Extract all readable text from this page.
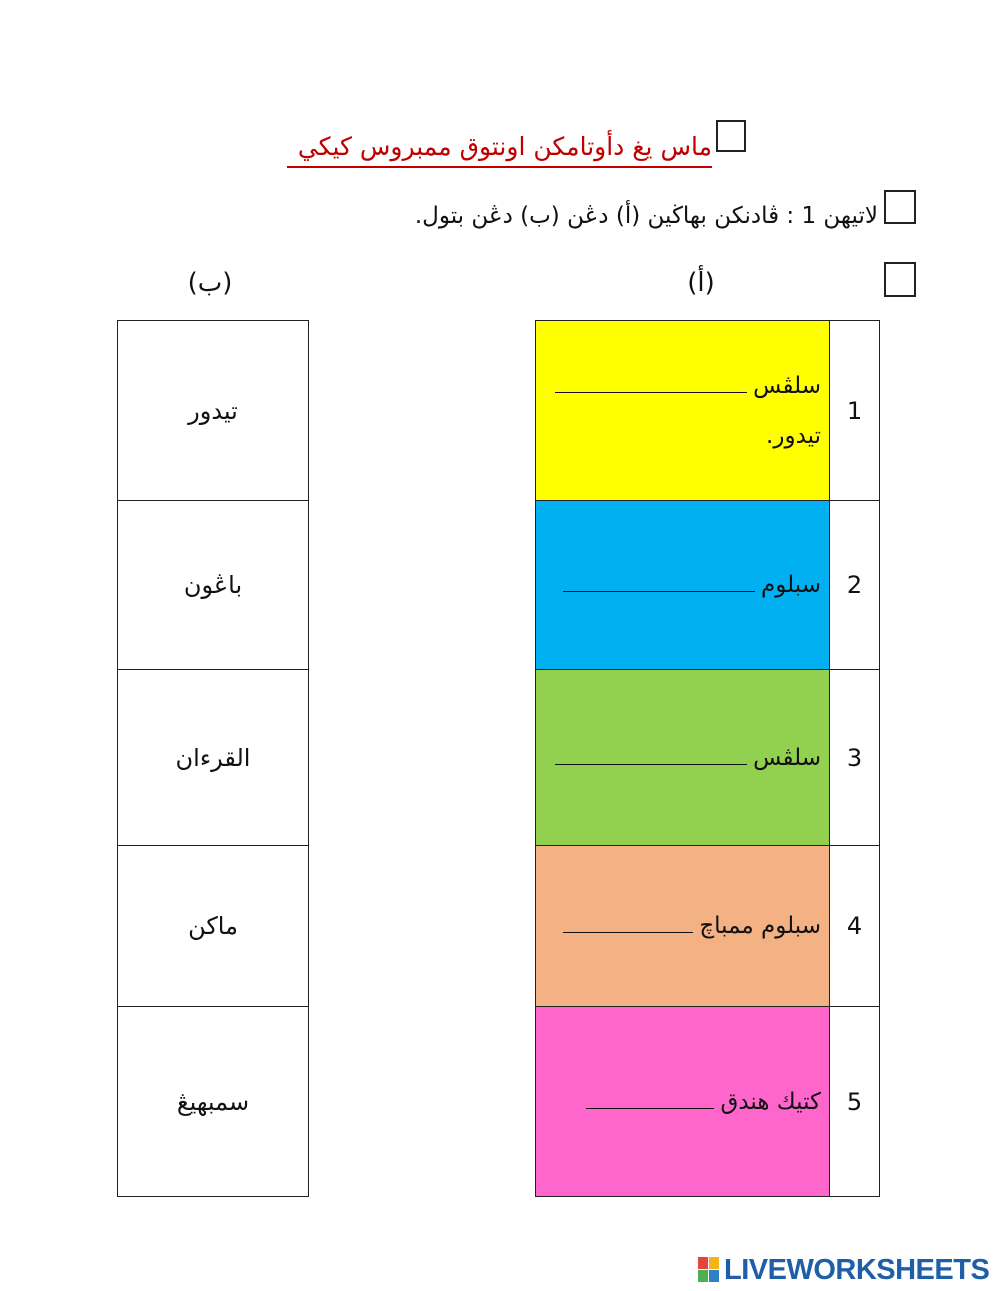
ماس يغ دأوتامكن اونتوق ممبروس كيكي
لاتيهن 1 : ڤادنكن بهاڬين (أ) دڠن (ب) دڠن بتول.
(أ)
(ب)
1
سلڤس
تيدور.
2
سبلوم
3
سلڤس
4
سبلوم ممباچ
5
كتيك هندق
تيدور
باڠون
القرءان
ماكن
سمبهيڠ
LIVEWORKSHEETS
